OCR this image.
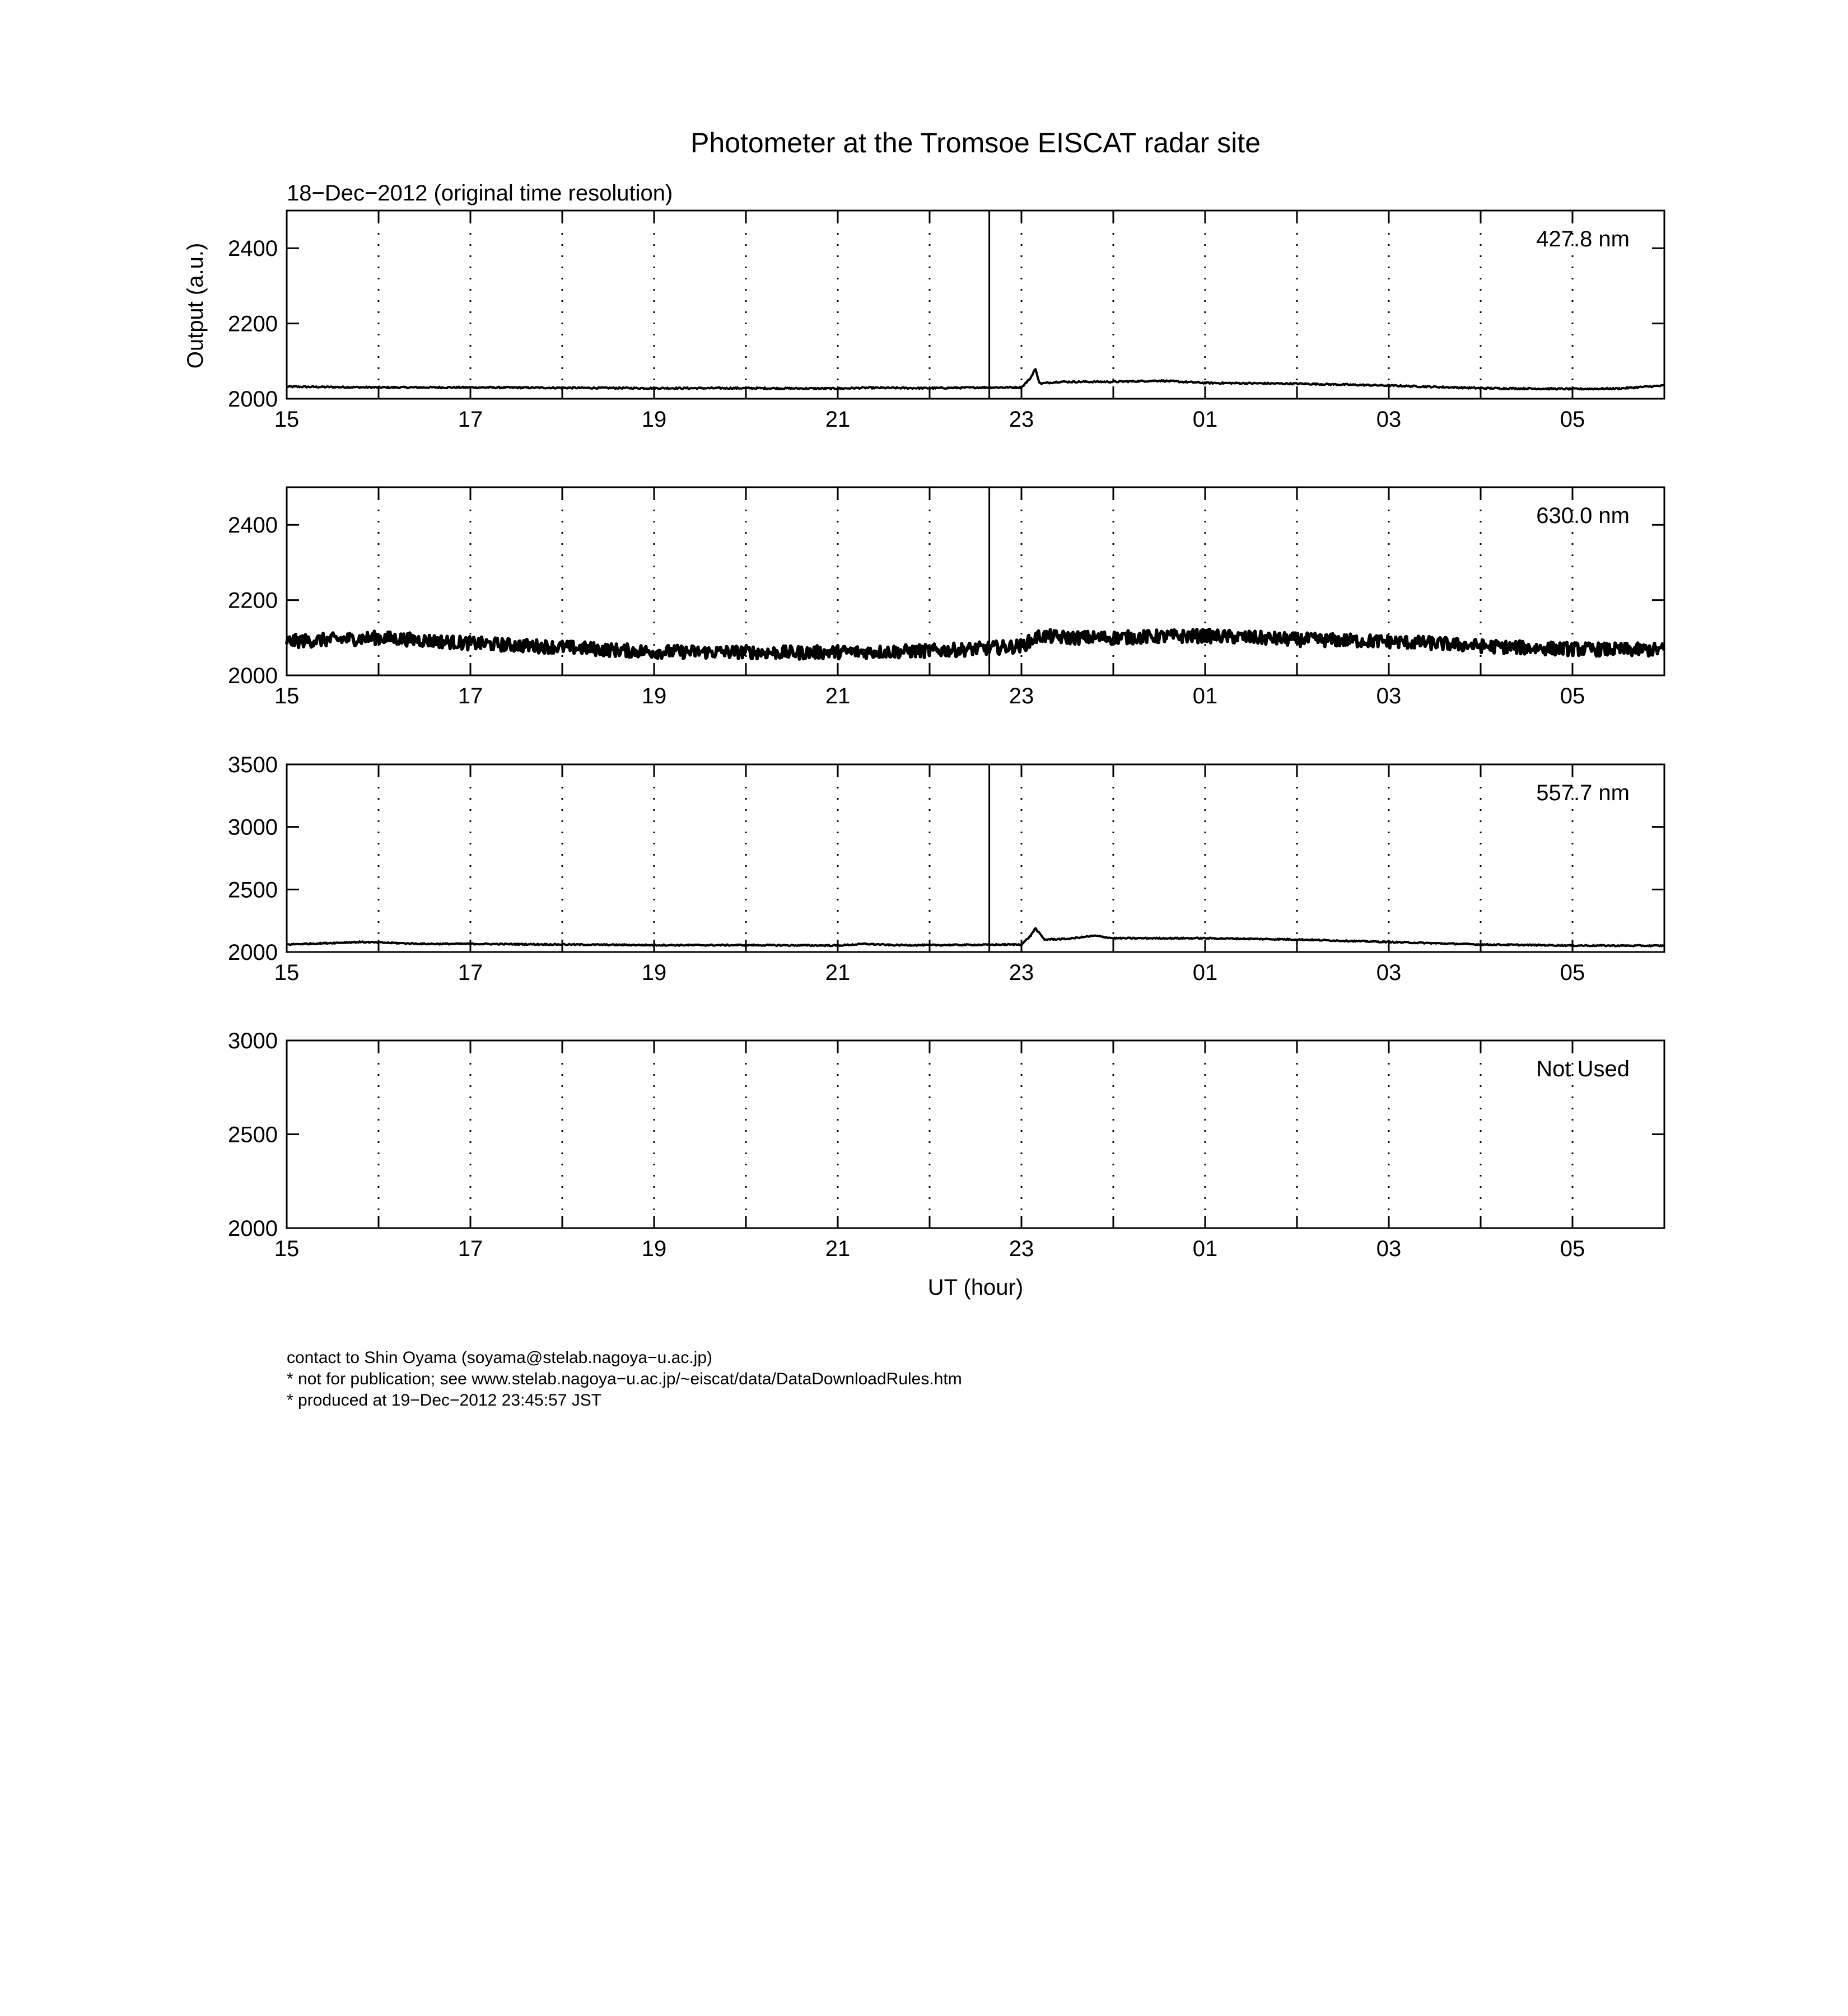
Photometer at the Tromsoe EISCAT radar site
18−Dec−2012 (original time resolution)
Output (a.u.)
UT (hour)
15	17	19	21	23	01	03	05
2000
2200
2400	427.8 nm
15	17	19	21	23	01	03	05
2000
2200
2400	630.0 nm
15	17	19	21	23	01	03	05
2000
2500
3000
3500
557.7 nm
15	17	19	21	23	01	03	05
2000
2500
3000
Not Used
contact to Shin Oyama (soyama@stelab.nagoya−u.ac.jp)
* not for publication; see www.stelab.nagoya−u.ac.jp/~eiscat/data/DataDownloadRules.htm
* produced at 19−Dec−2012 23:45:57 JST
